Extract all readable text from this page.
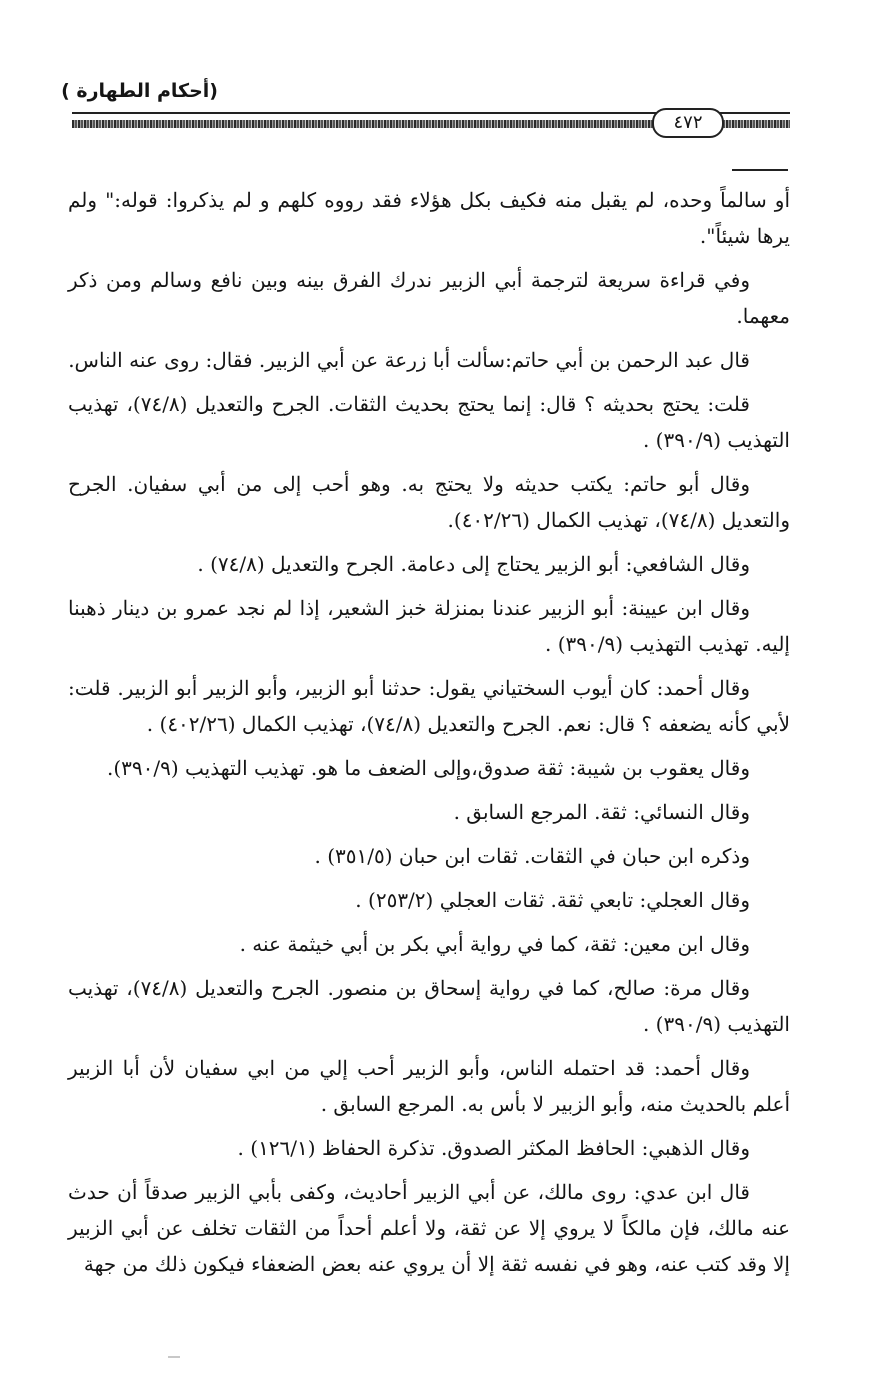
(أحكام الطهارة )
٤٧٢

أو سالماً وحده، لم يقبل منه فكيف بكل هؤلاء فقد رووه كلهم و لم يذكروا: قوله:" ولم يرها شيئاً".

وفي قراءة سريعة لترجمة أبي الزبير ندرك الفرق بينه وبين نافع وسالم ومن ذكر معهما.

قال عبد الرحمن بن أبي حاتم:سألت أبا زرعة عن أبي الزبير. فقال: روى عنه الناس.

قلت: يحتج بحديثه ؟ قال: إنما يحتج بحديث الثقات. الجرح والتعديل (٧٤/٨)، تهذيب التهذيب (٣٩٠/٩) .

وقال أبو حاتم: يكتب حديثه ولا يحتج به. وهو أحب إلى من أبي سفيان. الجرح والتعديل (٧٤/٨)، تهذيب الكمال (٤٠٢/٢٦).

وقال الشافعي: أبو الزبير يحتاج إلى دعامة. الجرح والتعديل (٧٤/٨) .

وقال ابن عيينة: أبو الزبير عندنا بمنزلة خبز الشعير، إذا لم نجد عمرو بن دينار ذهبنا إليه. تهذيب التهذيب (٣٩٠/٩) .

وقال أحمد: كان أيوب السختياني يقول: حدثنا أبو الزبير، وأبو الزبير أبو الزبير. قلت: لأبي كأنه يضعفه ؟ قال: نعم. الجرح والتعديل (٧٤/٨)، تهذيب الكمال (٤٠٢/٢٦) .

وقال يعقوب بن شيبة: ثقة صدوق،وإلى الضعف ما هو. تهذيب التهذيب (٣٩٠/٩).

وقال النسائي: ثقة. المرجع السابق .

وذكره ابن حبان في الثقات. ثقات ابن حبان (٣٥١/٥) .

وقال العجلي: تابعي ثقة. ثقات العجلي (٢٥٣/٢) .

وقال ابن معين: ثقة، كما في رواية أبي بكر بن أبي خيثمة عنه .

وقال مرة: صالح، كما في رواية إسحاق بن منصور. الجرح والتعديل (٧٤/٨)، تهذيب التهذيب (٣٩٠/٩) .

وقال أحمد: قد احتمله الناس، وأبو الزبير أحب إلي من ابي سفيان لأن أبا الزبير أعلم بالحديث منه، وأبو الزبير لا بأس به. المرجع السابق .

وقال الذهبي: الحافظ المكثر الصدوق. تذكرة الحفاظ (١٢٦/١) .

قال ابن عدي: روى مالك، عن أبي الزبير أحاديث، وكفى بأبي الزبير صدقاً أن حدث عنه مالك، فإن مالكاً لا يروي إلا عن ثقة، ولا أعلم أحداً من الثقات تخلف عن أبي الزبير إلا وقد كتب عنه، وهو في نفسه ثقة إلا أن يروي عنه بعض الضعفاء فيكون ذلك من جهة
